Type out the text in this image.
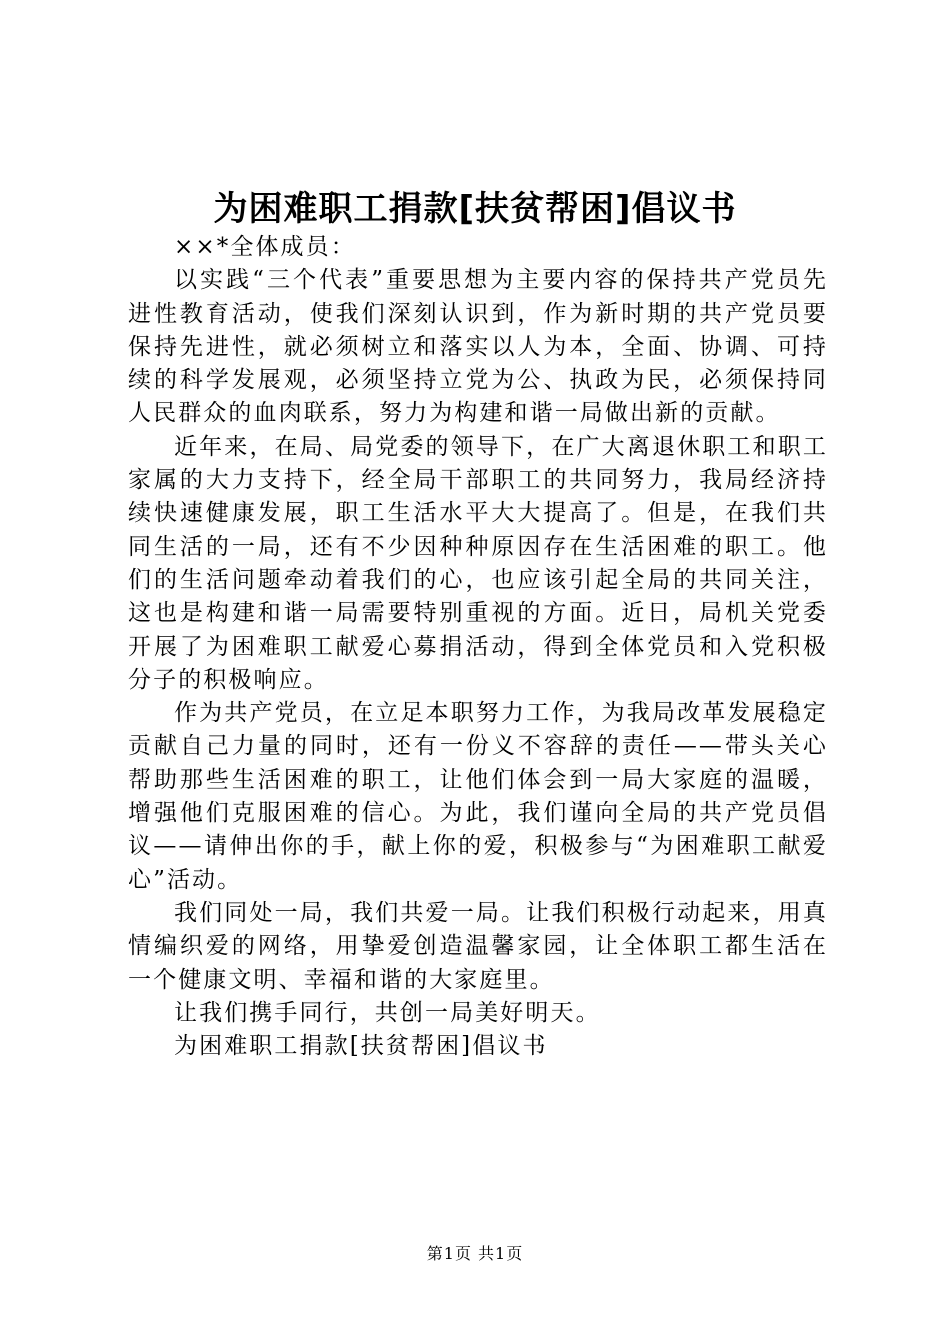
为困难职工捐款[扶贫帮困]倡议书

××*全体成员：

以实践“三个代表”重要思想为主要内容的保持共产党员先进性教育活动，使我们深刻认识到，作为新时期的共产党员要保持先进性，就必须树立和落实以人为本，全面、协调、可持续的科学发展观，必须坚持立党为公、执政为民，必须保持同人民群众的血肉联系，努力为构建和谐一局做出新的贡献。

近年来，在局、局党委的领导下，在广大离退休职工和职工家属的大力支持下，经全局干部职工的共同努力，我局经济持续快速健康发展，职工生活水平大大提高了。但是，在我们共同生活的一局，还有不少因种种原因存在生活困难的职工。他们的生活问题牵动着我们的心，也应该引起全局的共同关注，这也是构建和谐一局需要特别重视的方面。近日，局机关党委开展了为困难职工献爱心募捐活动，得到全体党员和入党积极分子的积极响应。

作为共产党员，在立足本职努力工作，为我局改革发展稳定贡献自己力量的同时，还有一份义不容辞的责任——带头关心帮助那些生活困难的职工，让他们体会到一局大家庭的温暖，增强他们克服困难的信心。为此，我们谨向全局的共产党员倡议——请伸出你的手，献上你的爱，积极参与“为困难职工献爱心”活动。

我们同处一局，我们共爱一局。让我们积极行动起来，用真情编织爱的网络，用挚爱创造温馨家园，让全体职工都生活在一个健康文明、幸福和谐的大家庭里。

让我们携手同行，共创一局美好明天。

为困难职工捐款[扶贫帮困]倡议书

第1页 共1页
